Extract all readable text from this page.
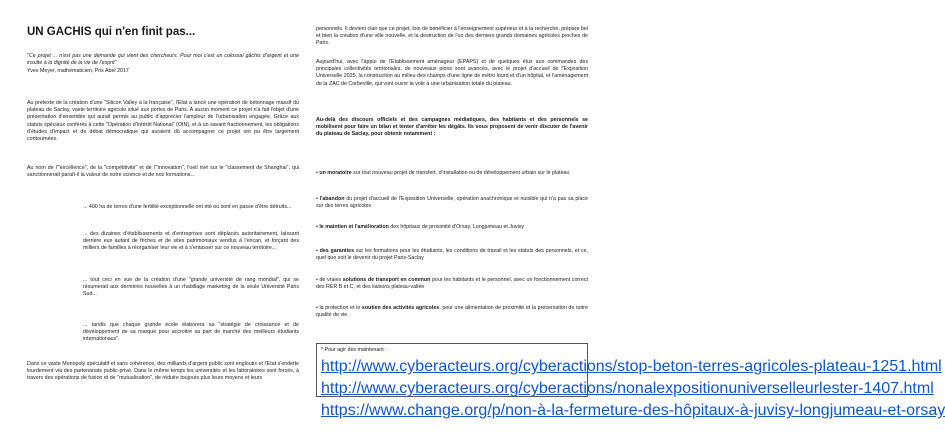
UN GACHIS qui n'en finit pas...

"Ce projet ... n'est pas une demande qui vient des chercheurs. Pour moi c'est un colossal gâchis d'argent et une insulte à la dignité de la vie de l'esprit"

Yves Meyer, mathématicien, Prix Abel 2017

Au prétexte de la création d'une "Silicon Valley à la française", l'Etat a lancé une opération de bétonnage massif du plateau de Saclay, vaste territoire agricole situé aux portes de Paris. A aucun moment ce projet n'a fait l'objet d'une présentation d'ensemble qui aurait permis au public d'apprécier l'ampleur de l'urbanisation engagée. Grâce aux statuts spéciaux conférés à cette "Opération d'Intérêt National" (OIN), et à un savant fractionnement, les obligations d'études d'impact et de débat démocratique qui auraient dû accompagner ce projet ont pu être largement contournées.

Au nom de l'"excellence", de la "compétitivité" et de l'"innovation", l'oeil rivé sur le "classement de Shanghai", qui sanctionnerait paraît-il la valeur de notre science et de nos formations...

... 400 ha de terres d'une fertilité exceptionnelle ont été ou sont en passe d'être détruits...

... des dizaines d'établissements et d'entreprises sont déplacés autoritairement, laissant derrière eux autant de friches et de sites patrimoniaux vendus à l'encan, et forçant des milliers de familles à réorganiser leur vie et à s'entasser sur ce nouveau territoire...

... tout ceci en vue de la création d'une "grande université de rang mondial", qui se résumerait aux dernières nouvelles à un rhabillage marketing de la seule Université Paris Sud...

... tandis que chaque grande école élaborera sa "stratégie de croissance et de développement de sa marque pour accroitre sa part de marché des meilleurs étudiants internationaux".

Dans ce vaste Monopoly spéculatif et sans cohérence, des milliards d'argent public sont engloutis et l'Etat s'endette lourdement via des partenariats public-privé. Dans le même temps les universités et les laboratoires sont forcés, à travers des opérations de fusion et de "mutualisation", de réduire toujours plus leurs moyens et leurs

personnels. Il devient clair que ce projet, loin de bénéficier à l'enseignement supérieur et à la recherche, prépare bel et bien la création d'une ville nouvelle, et la destruction de l'un des derniers grands domaines agricoles proches de Paris.

Aujourd'hui, avec l'appui de l'Etablissement aménageur (EPAPS) et de quelques élus aux commandes des principales collectivités territoriales, de nouveaux pions sont avancés, avec le projet d'accueil de l'Exposition Universelle 2025, la construction au milieu des champs d'une ligne de métro lourd et d'un hôpital, et l'aménagement de la ZAC de Corbeville, qui vont ouvrir la voie à une urbanisation totale du plateau.

Au-delà des discours officiels et des campagnes médiatiques, des habitants et des personnels se mobilisent pour faire un bilan et tenter d'arrêter les dégâts. Ils vous proposent de venir discuter de l'avenir du plateau de Saclay, pour obtenir notamment :

• un moratoire sur tout nouveau projet de transfert, d'installation ou de développement urbain sur le plateau

• l'abandon du projet d'accueil de l'Exposition Universelle, opération anachronique et nuisible qui n'a pas sa place sur des terres agricoles

• le maintien et l'amélioration des hôpitaux de proximité d'Orsay, Longjumeau et Juvisy

• des garanties sur les formations pour les étudiants, les conditions de travail et les statuts des personnels, et ce, quel que soit le devenir du projet Paris-Saclay

• de vraies solutions de transport en commun pour les habitants et le personnel, avec un fonctionnement correct des RER B et C, et des liaisons plateau-vallée

• la protection et le soutien des activités agricoles, pour une alimentation de proximité et la préservation de notre qualité de vie.

* Pour agir dès maintenant :

http://www.cyberacteurs.org/cyberactions/stop-beton-terres-agricoles-plateau-1251.html
http://www.cyberacteurs.org/cyberactions/nonalexpositionuniverselleurlester-1407.html
https://www.change.org/p/non-à-la-fermeture-des-hôpitaux-à-juvisy-longjumeau-et-orsay
